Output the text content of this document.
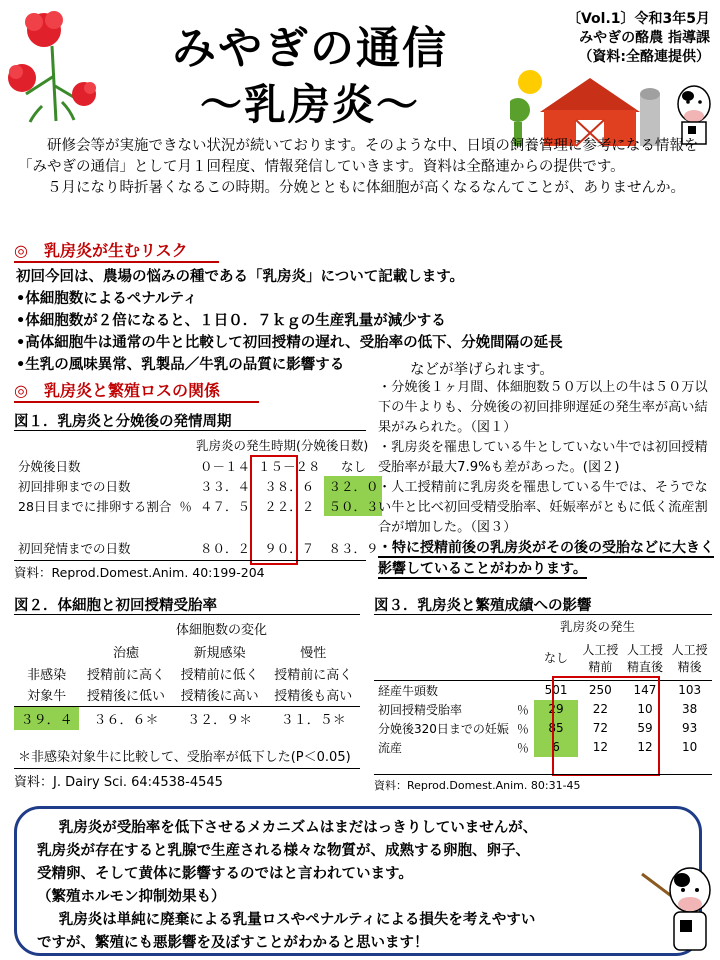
みやぎの通信
～乳房炎～
〔Vol.1〕令和3年5月
みやぎの酪農 指導課
（資料:全酪連提供）

研修会等が実施できない状況が続いております。そのような中、日頃の飼養管理に参考になる情報を「みやぎの通信」として月１回程度、情報発信していきます。資料は全酪連からの提供です。

５月になり時折暑くなるこの時期。分娩とともに体細胞が高くなるなんてことが、ありませんか。

◎　乳房炎が生むリスク
初回今回は、農場の悩みの種である「乳房炎」について記載します。
•体細胞数によるペナルティ
•体細胞数が２倍になると、１日０．７ｋｇの生産乳量が減少する
•高体細胞牛は通常の牛と比較して初回授精の遅れ、受胎率の低下、分娩間隔の延長
•生乳の風味異常、乳製品／牛乳の品質に影響する	などが挙げられます。
◎　乳房炎と繁殖ロスの関係
図１．乳房炎と分娩後の発情周期
乳房炎の発生時期(分娩後日数)
分娩後日数		０－１４	１５－２８	なし
初回排卵までの日数		３３．４	３８．６	３２．０
28日目までに排卵する割合	％	４７．５	２２．２	５０．３

初回発情までの日数		８０．２	９０．７	８３．９
資料：Reprod.Domest.Anim. 40:199-204

・分娩後１ヶ月間、体細胞数５０万以上の牛は５０万以下の牛よりも、分娩後の初回排卵遅延の発生率が高い結果がみられた。（図１）

・乳房炎を罹患している牛としていない牛では初回授精受胎率が最大7.9%も差があった。(図２)

・人工授精前に乳房炎を罹患している牛では、そうでない牛と比べ初回受精受胎率、妊娠率がともに低く流産割合が増加した。（図３）

・特に授精前後の乳房炎がその後の受胎などに大きく影響していることがわかります。

図２．体細胞と初回授精受胎率
体細胞数の変化
	治癒	新規感染	慢性
非感染	授精前に高く	授精前に低く	授精前に高く
対象牛	授精後に低い	授精後に高い	授精後も高い
３９．４	３６．６＊	３２．９＊	３１．５＊
＊非感染対象牛に比較して、受胎率が低下した(P＜0.05)
資料：J. Dairy Sci. 64:4538-4545
図３．乳房炎と繁殖成績への影響
乳房炎の発生
		なし	人工授精前	人工授精直後	人工授精後
経産牛頭数		501	250	147	103
初回授精受胎率	％	29	22	10	38
分娩後320日までの妊娠	％	85	72	59	93
流産	％	6	12	12	10
資料：Reprod.Domest.Anim. 80:31-45

乳房炎が受胎率を低下させるメカニズムはまだはっきりしていませんが、

乳房炎が存在すると乳腺で生産される様々な物質が、成熟する卵胞、卵子、

受精卵、そして黄体に影響するのではと言われています。

（繁殖ホルモン抑制効果も）

乳房炎は単純に廃棄による乳量ロスやペナルティによる損失を考えやすい

ですが、繁殖にも悪影響を及ぼすことがわかると思います！
